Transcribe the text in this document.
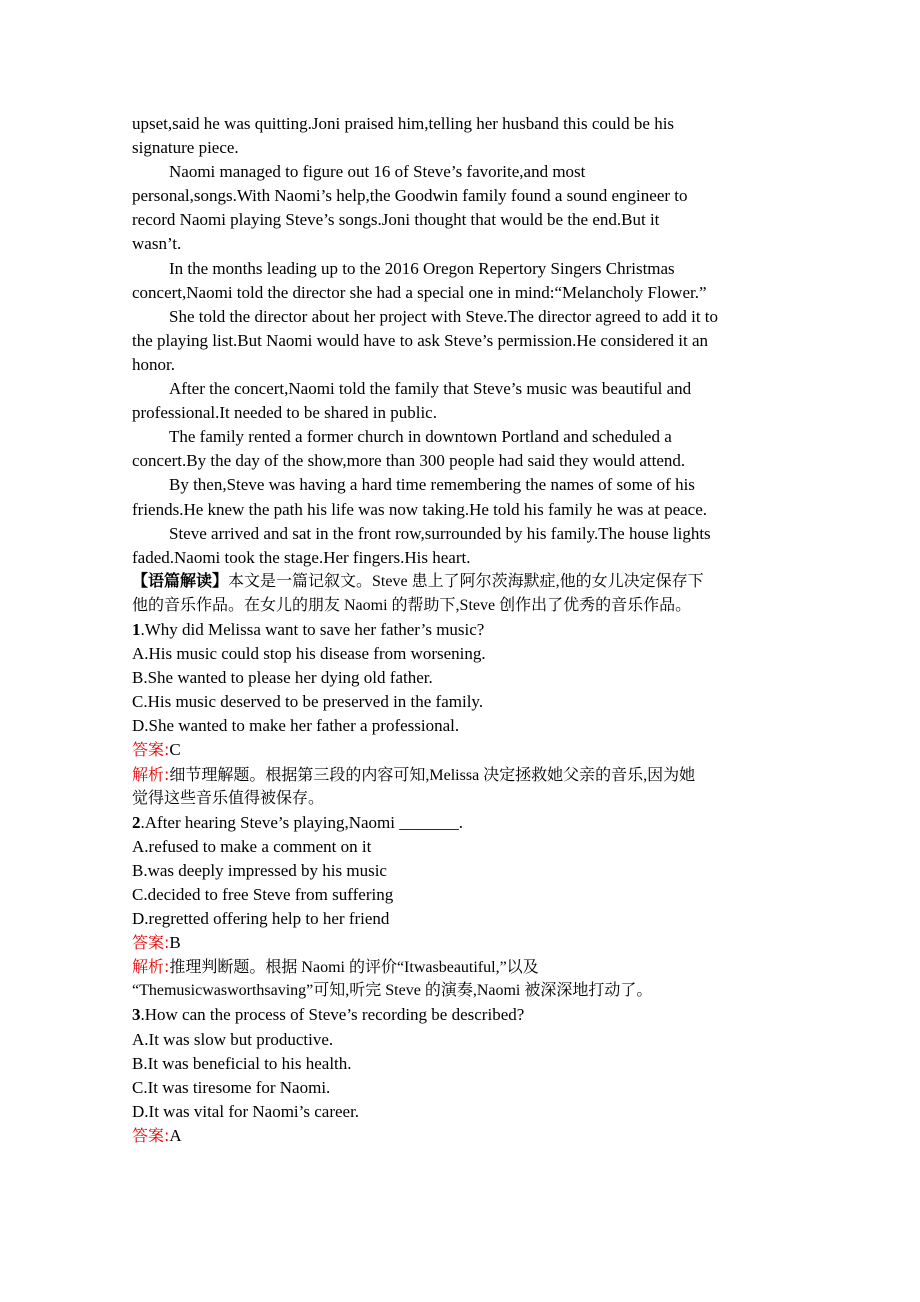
upset,said he was quitting.Joni praised him,telling her husband this could be his
signature piece.
Naomi managed to figure out 16 of Steve’s favorite,and most
personal,songs.With Naomi’s help,the Goodwin family found a sound engineer to
record Naomi playing Steve’s songs.Joni thought that would be the end.But it
wasn’t.
In the months leading up to the 2016 Oregon Repertory Singers Christmas
concert,Naomi told the director she had a special one in mind:“Melancholy Flower.”
She told the director about her project with Steve.The director agreed to add it to
the playing list.But Naomi would have to ask Steve’s permission.He considered it an
honor.
After the concert,Naomi told the family that Steve’s music was beautiful and
professional.It needed to be shared in public.
The family rented a former church in downtown Portland and scheduled a
concert.By the day of the show,more than 300 people had said they would attend.
By then,Steve was having a hard time remembering the names of some of his
friends.He knew the path his life was now taking.He told his family he was at peace.
Steve arrived and sat in the front row,surrounded by his family.The house lights
faded.Naomi took the stage.Her fingers.His heart.
【语篇解读】本文是一篇记叙文。Steve 患上了阿尔茨海默症,他的女儿决定保存下
他的音乐作品。在女儿的朋友 Naomi 的帮助下,Steve 创作出了优秀的音乐作品。
1.Why did Melissa want to save her father’s music?
A.His music could stop his disease from worsening.
B.She wanted to please her dying old father.
C.His music deserved to be preserved in the family.
D.She wanted to make her father a professional.
答案:C
解析:细节理解题。根据第三段的内容可知,Melissa 决定拯救她父亲的音乐,因为她
觉得这些音乐值得被保存。
2.After hearing Steve’s playing,Naomi _______.
A.refused to make a comment on it
B.was deeply impressed by his music
C.decided to free Steve from suffering
D.regretted offering help to her friend
答案:B
解析:推理判断题。根据 Naomi 的评价“Itwasbeautiful,”以及
“Themusicwasworthsaving”可知,听完 Steve 的演奏,Naomi 被深深地打动了。
3.How can the process of Steve’s recording be described?
A.It was slow but productive.
B.It was beneficial to his health.
C.It was tiresome for Naomi.
D.It was vital for Naomi’s career.
答案:A
